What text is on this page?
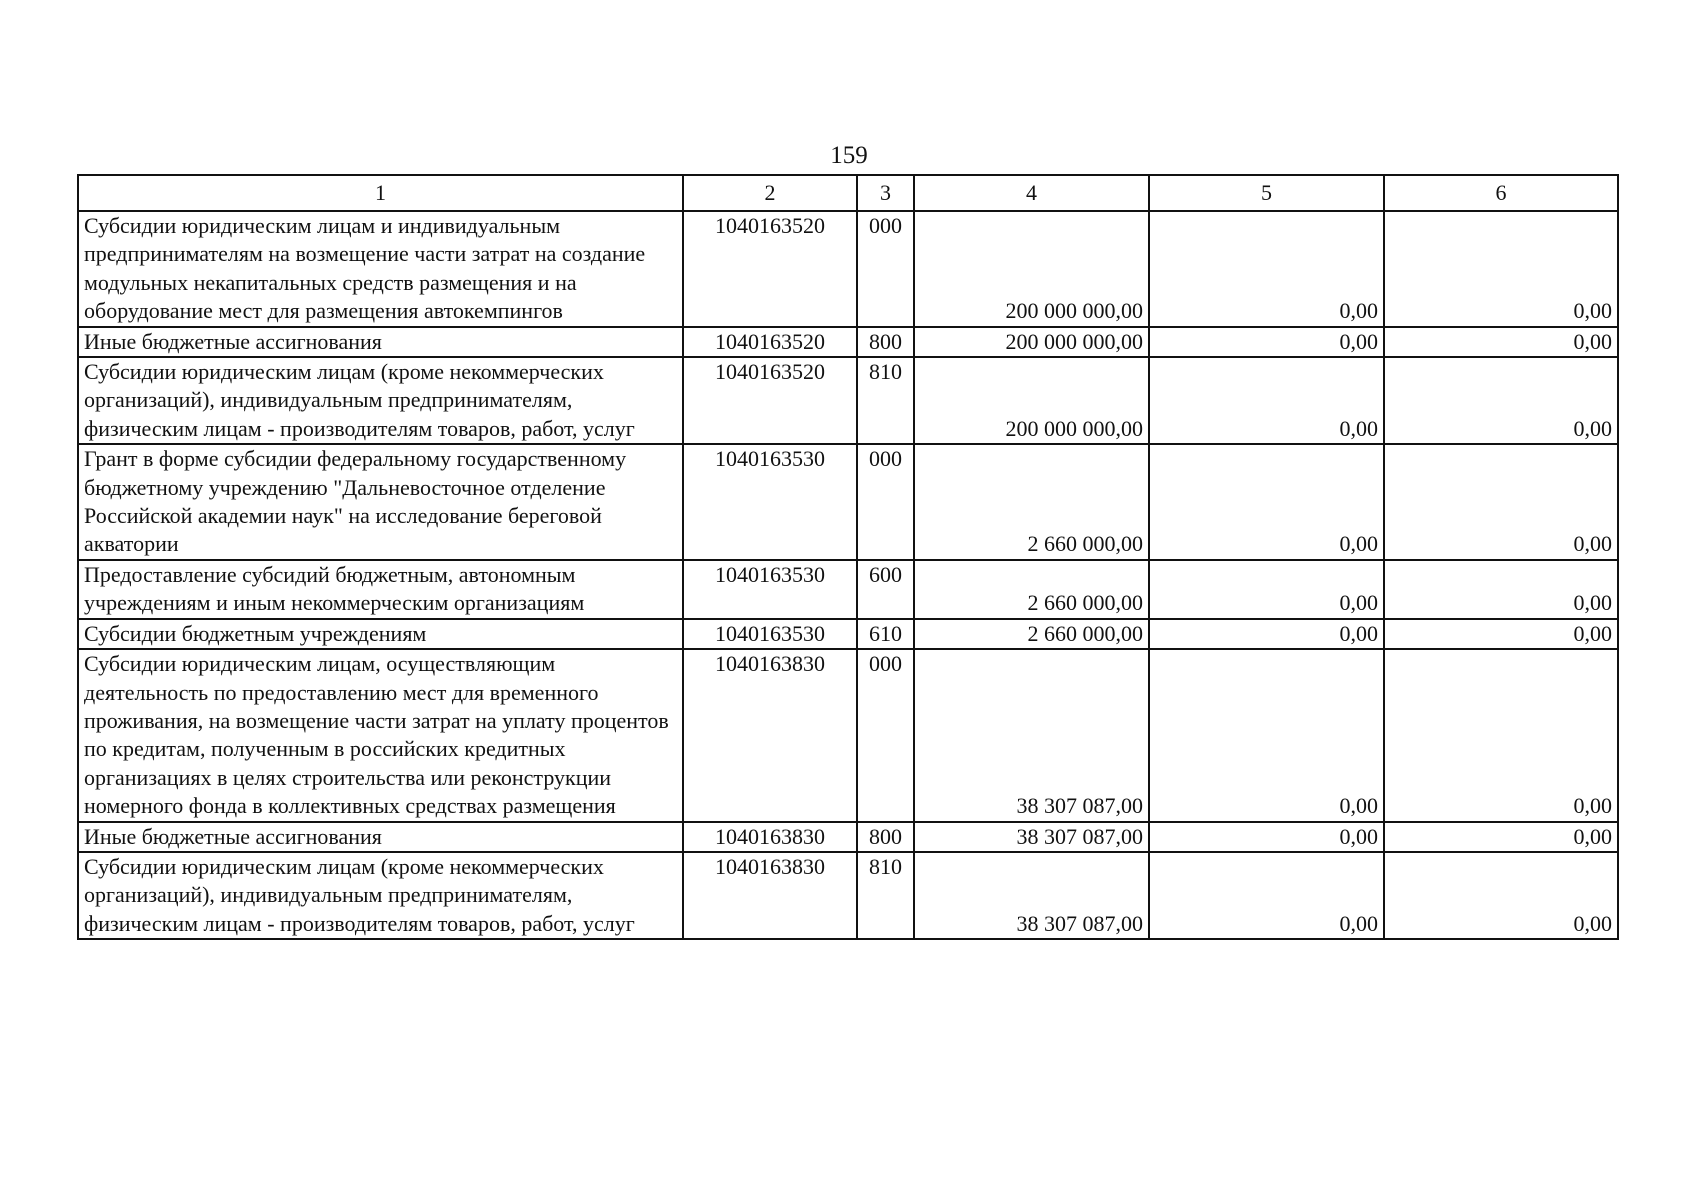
159
1	2	3	4	5	6
Субсидии юридическим лицам и индивидуальным предпринимателям на возмещение части затрат на создание модульных некапитальных средств размещения и на оборудование мест для размещения автокемпингов	1040163520	000	200 000 000,00	0,00	0,00
Иные бюджетные ассигнования	1040163520	800	200 000 000,00	0,00	0,00
Субсидии юридическим лицам (кроме некоммерческих организаций), индивидуальным предпринимателям, физическим лицам - производителям товаров, работ, услуг	1040163520	810	200 000 000,00	0,00	0,00
Грант в форме субсидии федеральному государственному бюджетному учреждению "Дальневосточное отделение Российской академии наук" на исследование береговой акватории	1040163530	000	2 660 000,00	0,00	0,00
Предоставление субсидий бюджетным, автономным учреждениям и иным некоммерческим организациям	1040163530	600	2 660 000,00	0,00	0,00
Субсидии бюджетным учреждениям	1040163530	610	2 660 000,00	0,00	0,00
Субсидии юридическим лицам, осуществляющим деятельность по предоставлению мест для временного проживания, на возмещение части затрат на уплату процентов по кредитам, полученным в российских кредитных организациях в целях строительства или реконструкции номерного фонда в коллективных средствах размещения	1040163830	000	38 307 087,00	0,00	0,00
Иные бюджетные ассигнования	1040163830	800	38 307 087,00	0,00	0,00
Субсидии юридическим лицам (кроме некоммерческих организаций), индивидуальным предпринимателям, физическим лицам - производителям товаров, работ, услуг	1040163830	810	38 307 087,00	0,00	0,00
